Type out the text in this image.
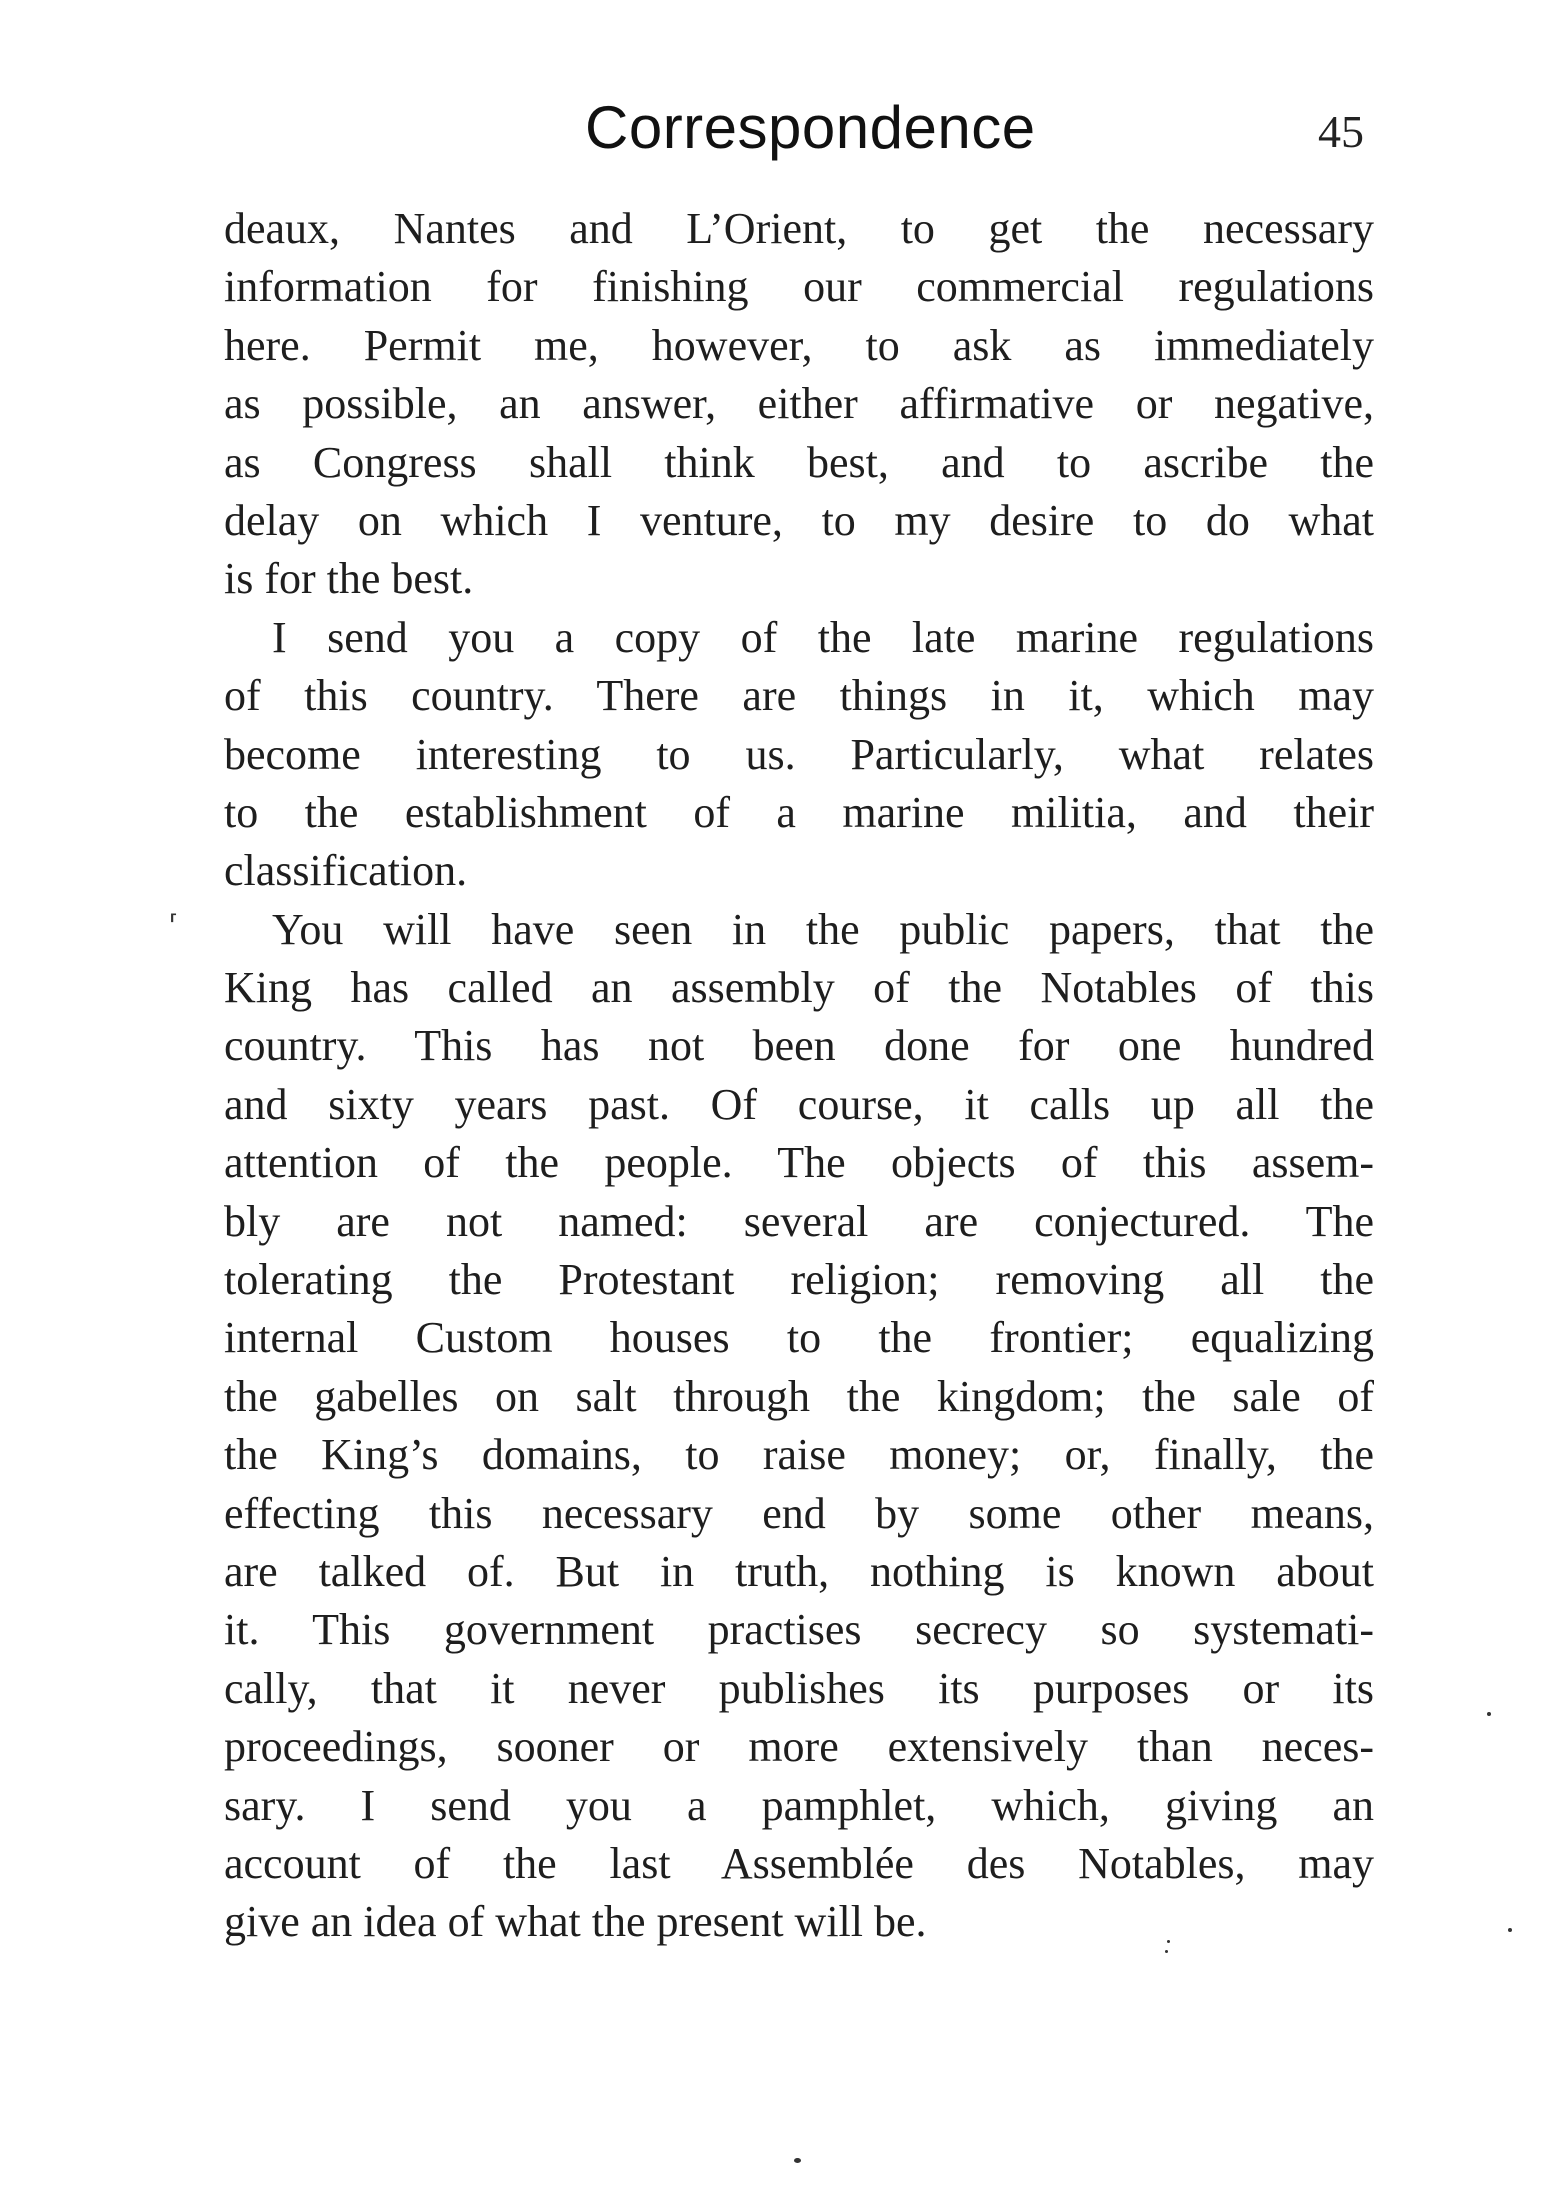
Correspondence	45
⸢
deaux, Nantes and L’Orient, to get the necessary
information for finishing our commercial regulations
here. Permit me, however, to ask as immediately
as possible, an answer, either affirmative or negative,
as Congress shall think best, and to ascribe the
delay on which I venture, to my desire to do what
is for the best.
I send you a copy of the late marine regulations
of this country. There are things in it, which may
become interesting to us. Particularly, what relates
to the establishment of a marine militia, and their
classification.
You will have seen in the public papers, that the
King has called an assembly of the Notables of this
country. This has not been done for one hundred
and sixty years past. Of course, it calls up all the
attention of the people. The objects of this assem-
bly are not named: several are conjectured. The
tolerating the Protestant religion; removing all the
internal Custom houses to the frontier; equalizing
the gabelles on salt through the kingdom; the sale of
the King’s domains, to raise money; or, finally, the
effecting this necessary end by some other means,
are talked of. But in truth, nothing is known about
it. This government practises secrecy so systemati-
cally, that it never publishes its purposes or its
proceedings, sooner or more extensively than neces-
sary. I send you a pamphlet, which, giving an
account of the last Assemblée des Notables, may
give an idea of what the present will be.
